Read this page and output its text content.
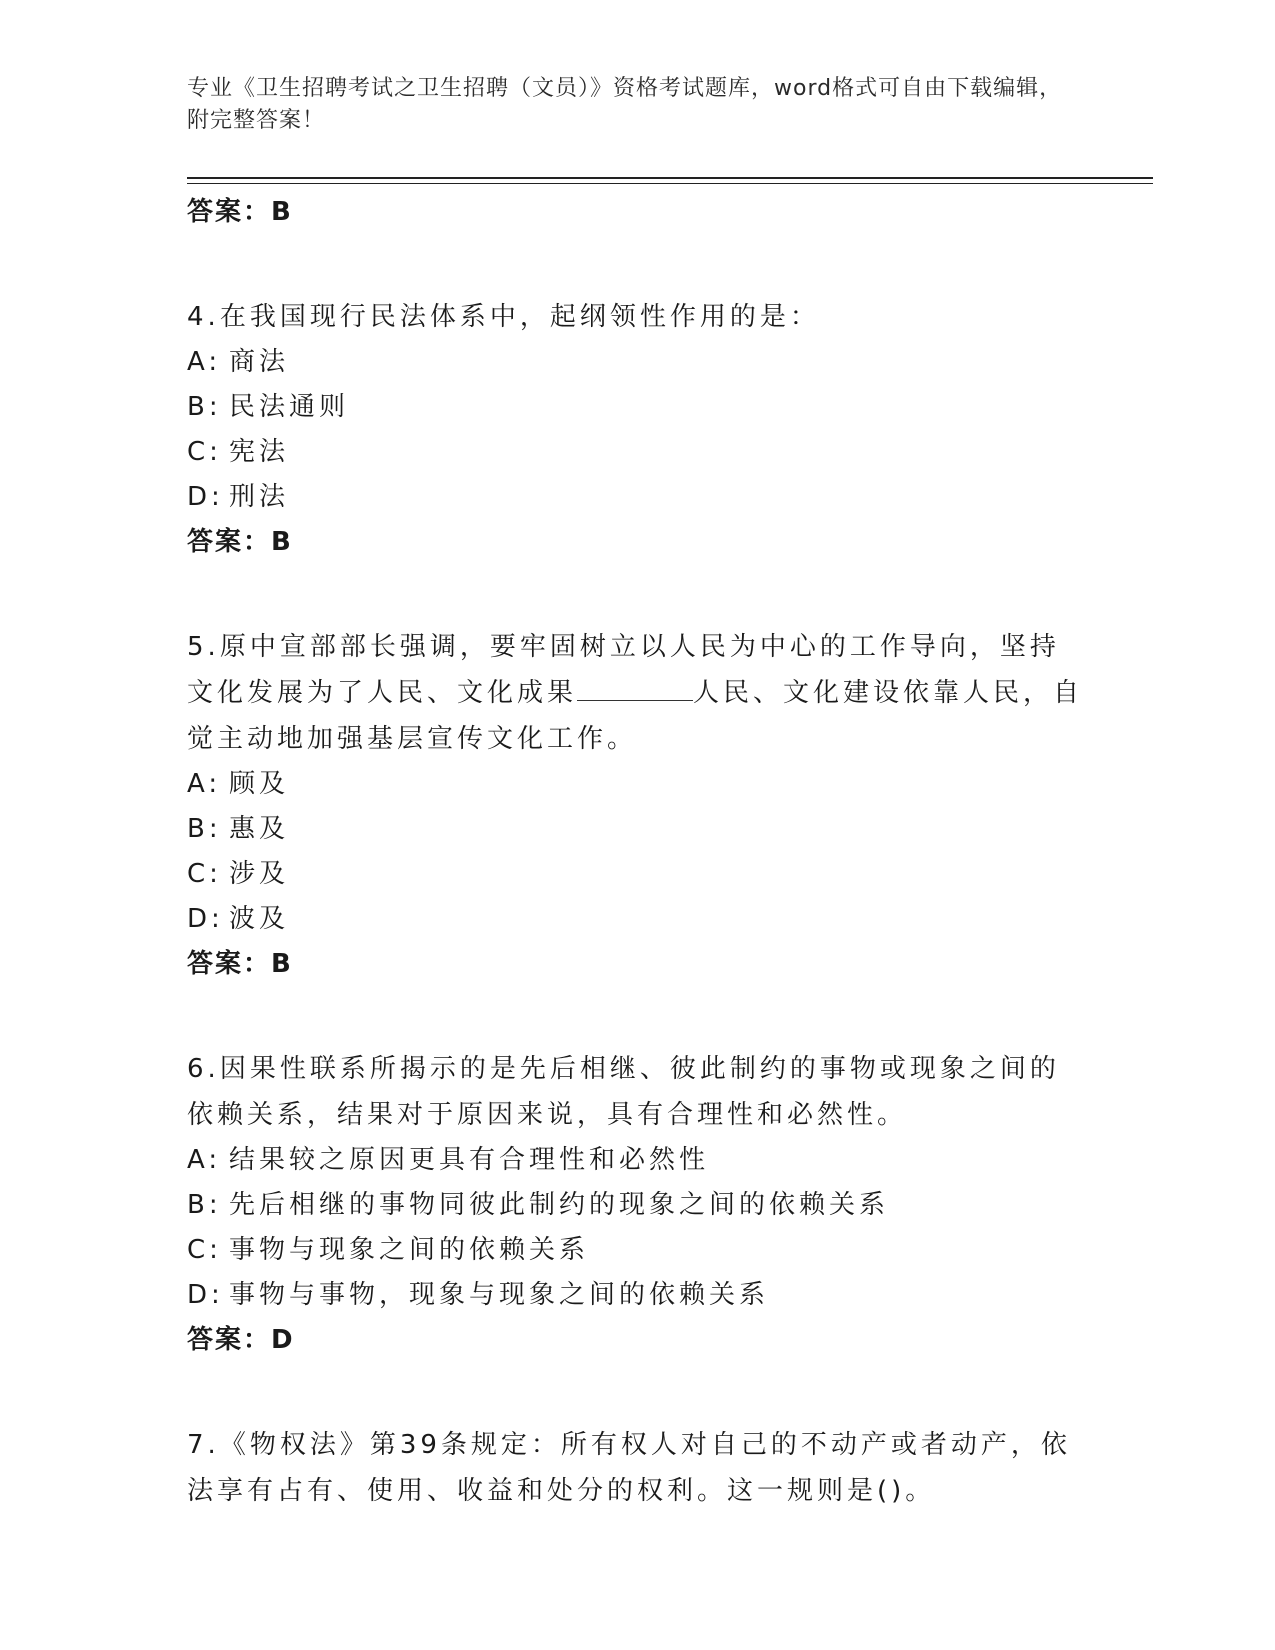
专业《卫生招聘考试之卫生招聘（文员）》资格考试题库，word格式可自由下载编辑，附完整答案！
答案：B

4.在我国现行民法体系中，起纲领性作用的是：

A: 商法
B: 民法通则
C: 宪法
D: 刑法
答案：B

5.原中宣部部长强调，要牢固树立以人民为中心的工作导向，坚持文化发展为了人民、文化成果	人民、文化建设依靠人民，自觉主动地加强基层宣传文化工作。

A: 顾及
B: 惠及
C: 涉及
D: 波及
答案：B

6.因果性联系所揭示的是先后相继、彼此制约的事物或现象之间的依赖关系，结果对于原因来说，具有合理性和必然性。

A: 结果较之原因更具有合理性和必然性
B: 先后相继的事物同彼此制约的现象之间的依赖关系
C: 事物与现象之间的依赖关系
D: 事物与事物，现象与现象之间的依赖关系
答案：D

7.《物权法》第39条规定：所有权人对自己的不动产或者动产，依法享有占有、使用、收益和处分的权利。这一规则是()。
